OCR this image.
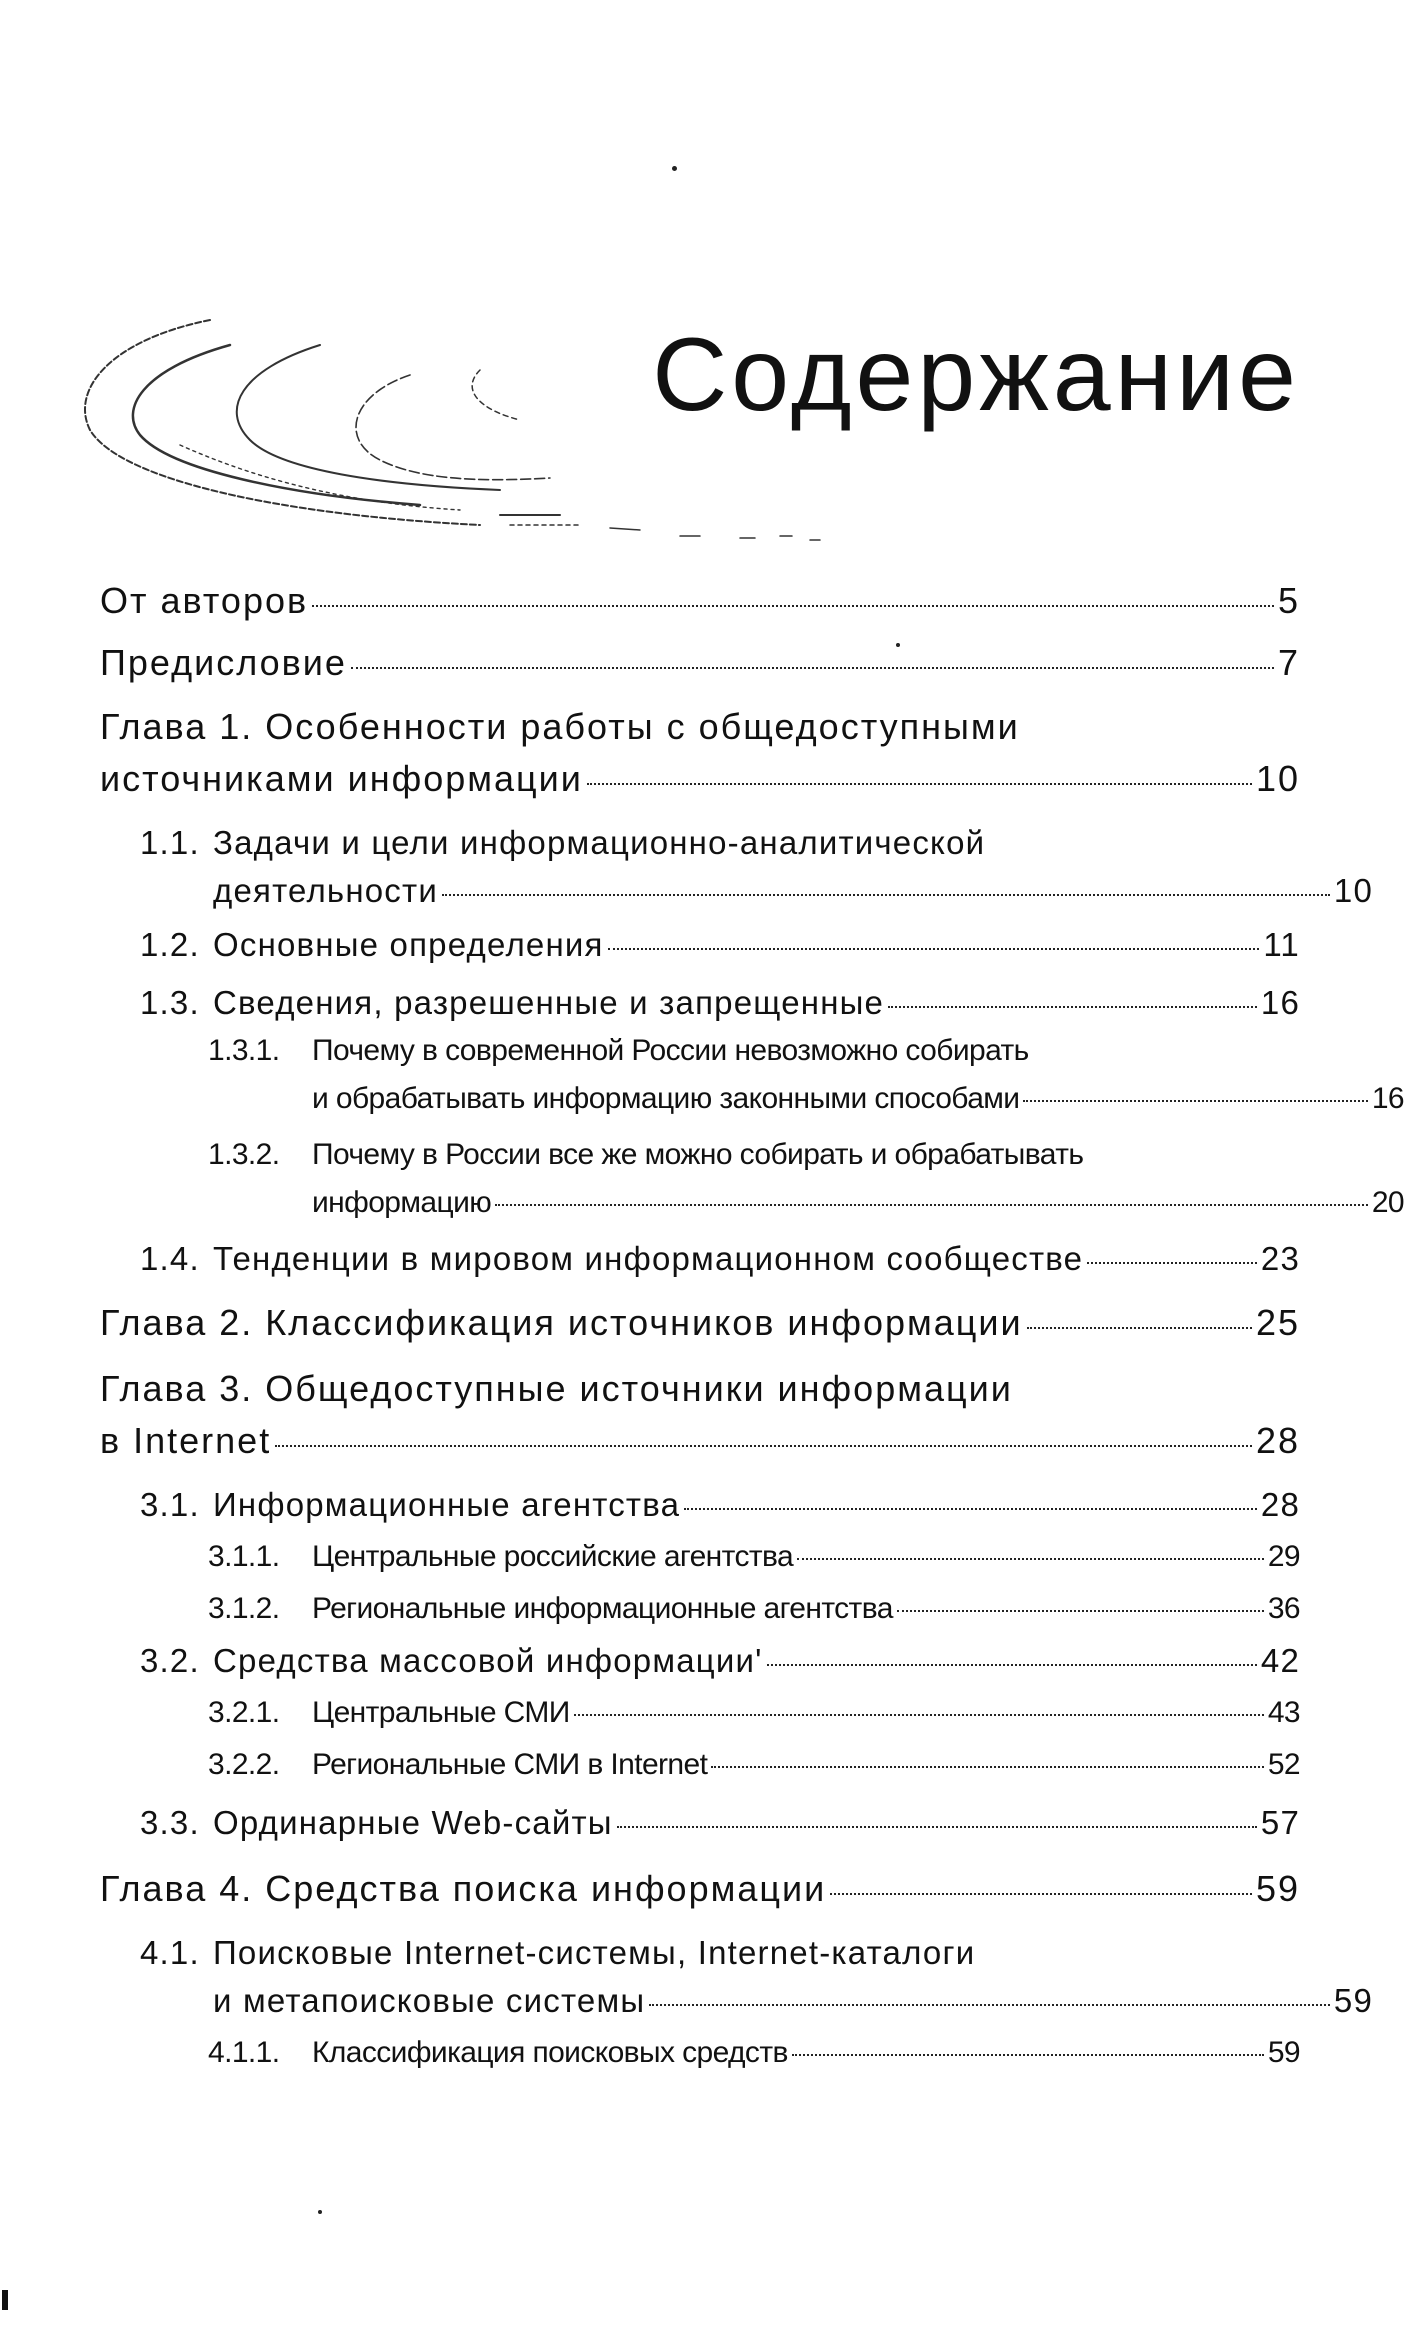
Содержание
От авторов	5
Предисловие	7
Глава 1. Особенности работы с общедоступными
источниками информации	10
1.1. Задачи и цели информационно-аналитической
деятельности	10
1.2. Основные определения	11
1.3. Сведения, разрешенные и запрещенные	16
1.3.1. Почему в современной России невозможно собирать
и обрабатывать информацию законными способами	16
1.3.2. Почему в России все же можно собирать и обрабатывать
информацию	20
1.4. Тенденции в мировом информационном сообществе	23
Глава 2. Классификация источников информации	25
Глава 3. Общедоступные источники информации
в Internet	28
3.1. Информационные агентства	28
3.1.1.	Центральные российские агентства	29
3.1.2.	Региональные информационные агентства	36
3.2. Средства массовой информации'	42
3.2.1.	Центральные СМИ	43
3.2.2.	Региональные СМИ в Internet	52
3.3. Ординарные Web-сайты	57
Глава 4. Средства поиска информации	59
4.1. Поисковые Internet-системы, Internet-каталоги
и метапоисковые системы	59
4.1.1.	Классификация поисковых средств	59
